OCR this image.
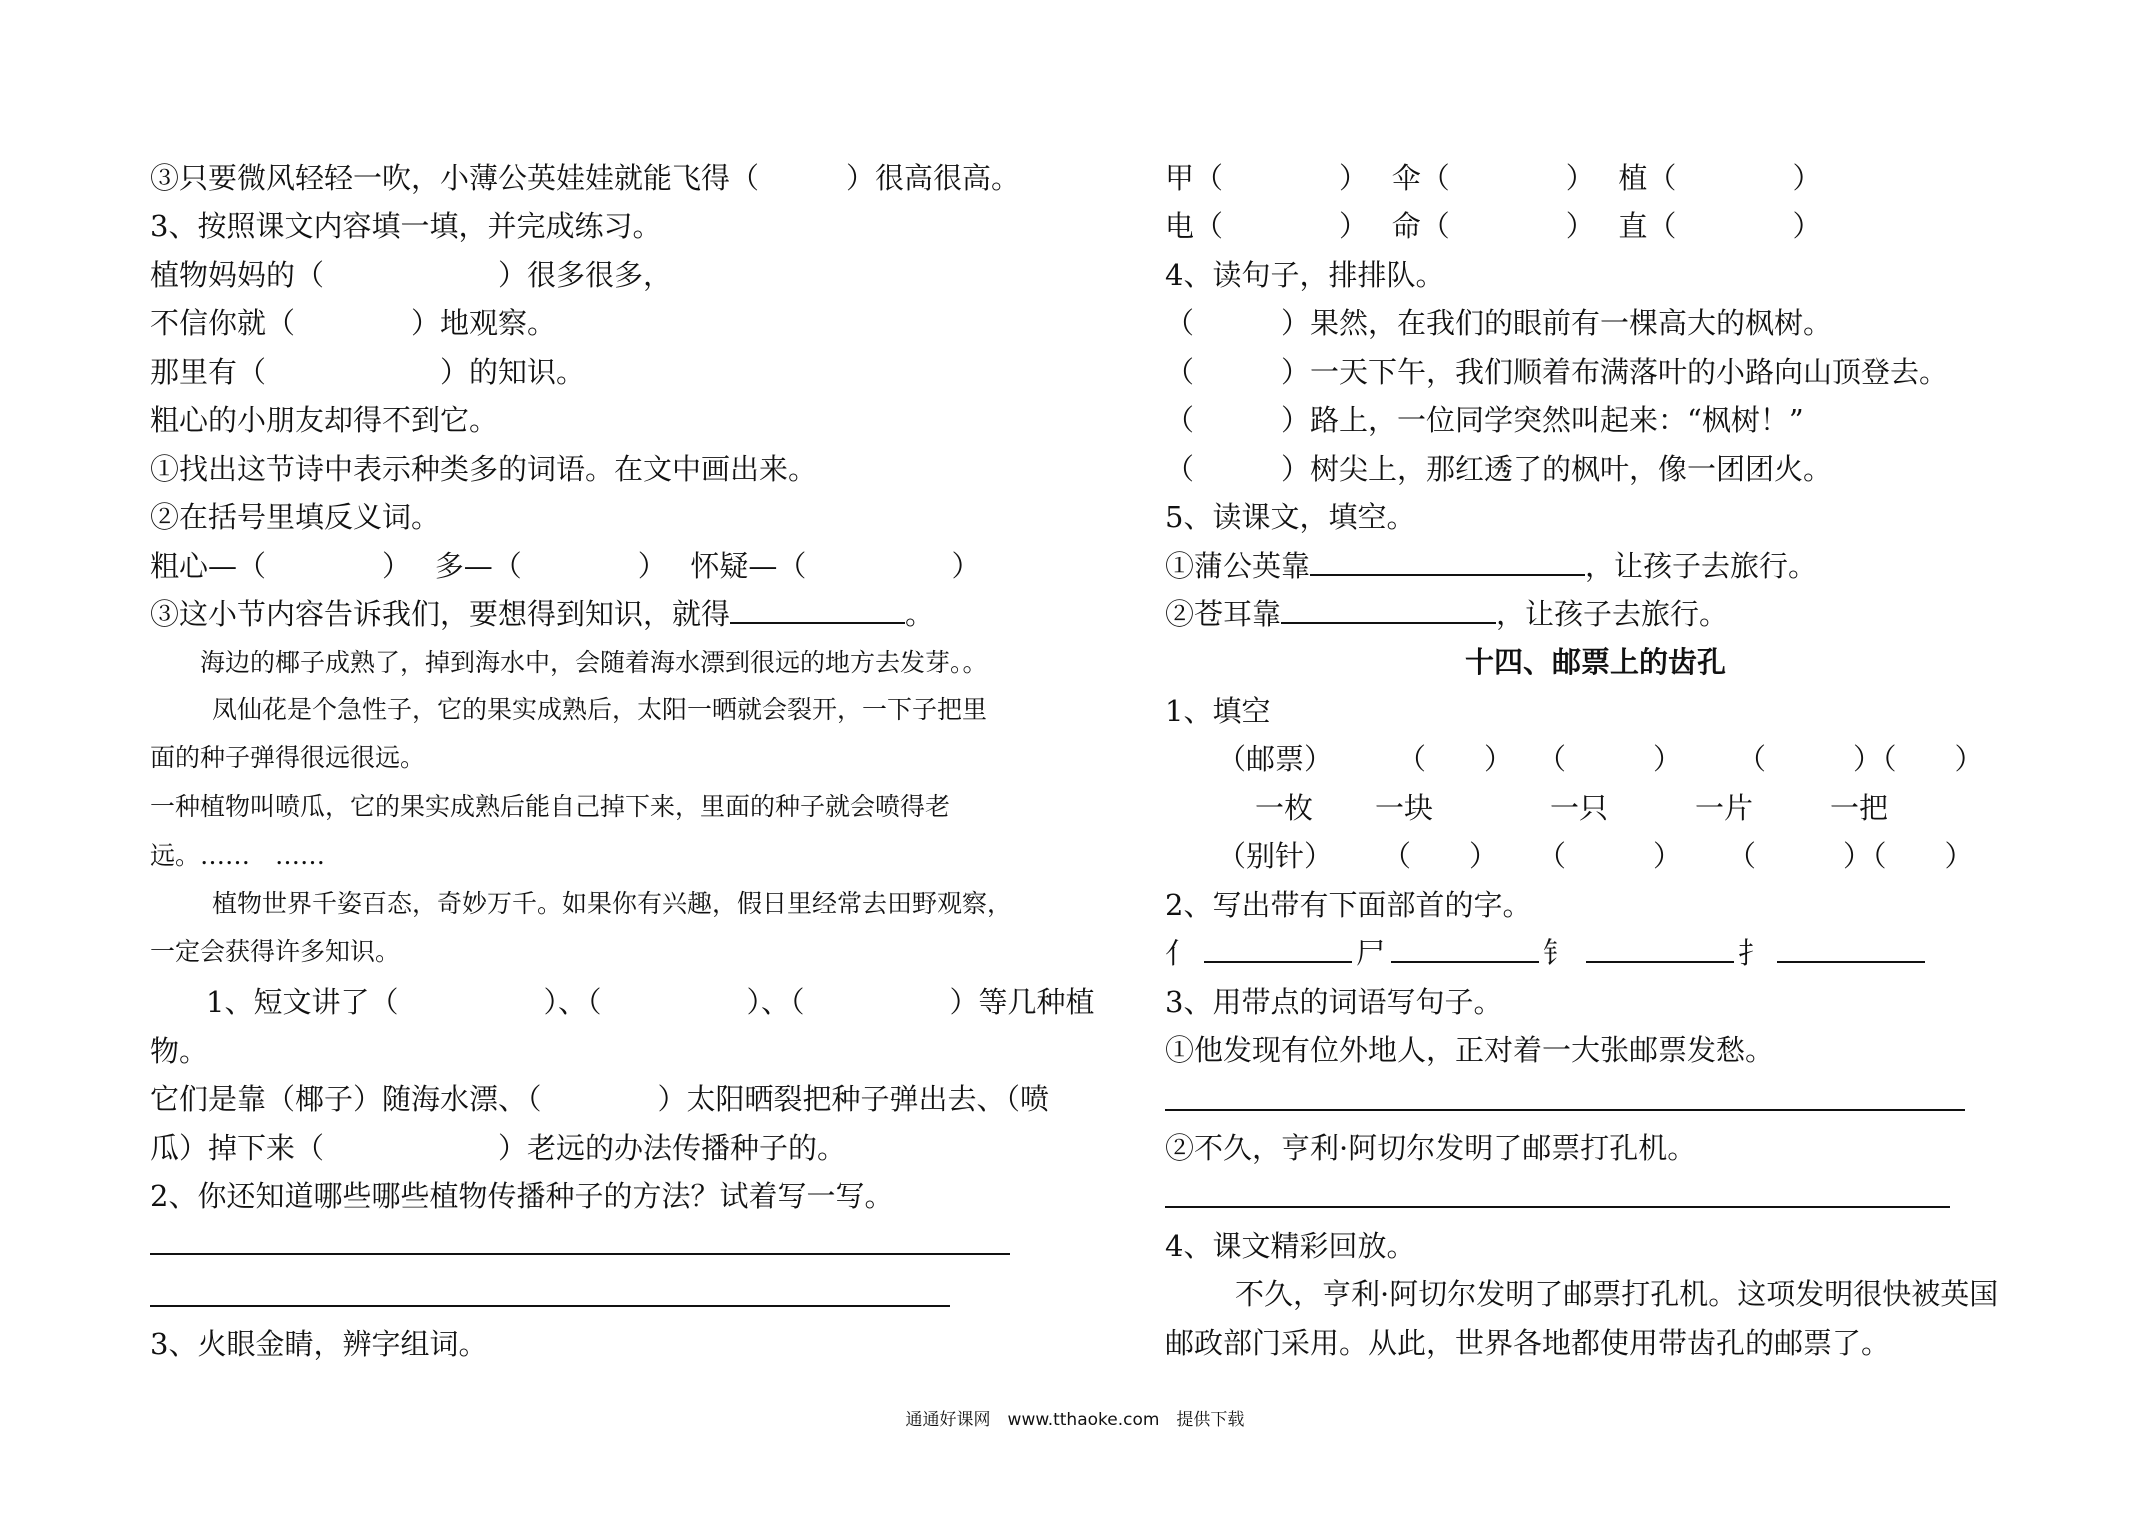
③只要微风轻轻一吹，小薄公英娃娃就能飞得（　　　）很高很高。
3、按照课文内容填一填，并完成练习。
植物妈妈的（　　　　　　）很多很多，
不信你就（　　　　）地观察。
那里有（　　　　　　）的知识。
粗心的小朋友却得不到它。
①找出这节诗中表示种类多的词语。在文中画出来。
②在括号里填反义词。
粗心—（　　　　）　 多—（　　　　）　 怀疑—（　　　　　）
③这小节内容告诉我们，要想得到知识，就得	。
海边的椰子成熟了，掉到海水中，会随着海水漂到很远的地方去发芽。。
凤仙花是个急性子，它的果实成熟后，太阳一晒就会裂开，一下子把里
面的种子弹得很远很远。
一种植物叫喷瓜，它的果实成熟后能自己掉下来，里面的种子就会喷得老
远。……　……
植物世界千姿百态，奇妙万千。如果你有兴趣，假日里经常去田野观察，
一定会获得许多知识。
1、短文讲了（　　　　　）、（　　　　　）、（　　　　　）等几种植
物。
它们是靠（椰子）随海水漂、（　　　　）太阳晒裂把种子弹出去、（喷
瓜）掉下来（　　　　　　）老远的办法传播种子的。
2、你还知道哪些哪些植物传播种子的方法？试着写一写。
3、火眼金睛，辨字组词。
甲（　　　　）　 伞（　　　　）　 植（　　　　）
电（　　　　）　 命（　　　　）　 直（　　　　）
4、读句子，排排队。
（　　　）果然，在我们的眼前有一棵高大的枫树。
（　　　）一天下午，我们顺着布满落叶的小路向山顶登去。
（　　　）路上，一位同学突然叫起来：“枫树！”
（　　　）树尖上，那红透了的枫叶，像一团团火。
5、读课文，填空。
①蒲公英靠	，让孩子去旅行。
②苍耳靠	，让孩子去旅行。
十四、邮票上的齿孔
1、填空
（邮票） （　　） （　　　） （　　　）（　　）
一枚 一块	一只	一片	一把
（别针） （　　） （　　　） （　　　）（　　）
2、写出带有下面部首的字。
亻	尸	钅	扌
3、用带点的词语写句子。
①他发现有位外地人，正对着一大张邮票发愁。
②不久，亨利·阿切尔发明了邮票打孔机。
4、课文精彩回放。
不久，亨利·阿切尔发明了邮票打孔机。这项发明很快被英国
邮政部门采用。从此，世界各地都使用带齿孔的邮票了。
通通好课网　www.tthaoke.com　提供下载
